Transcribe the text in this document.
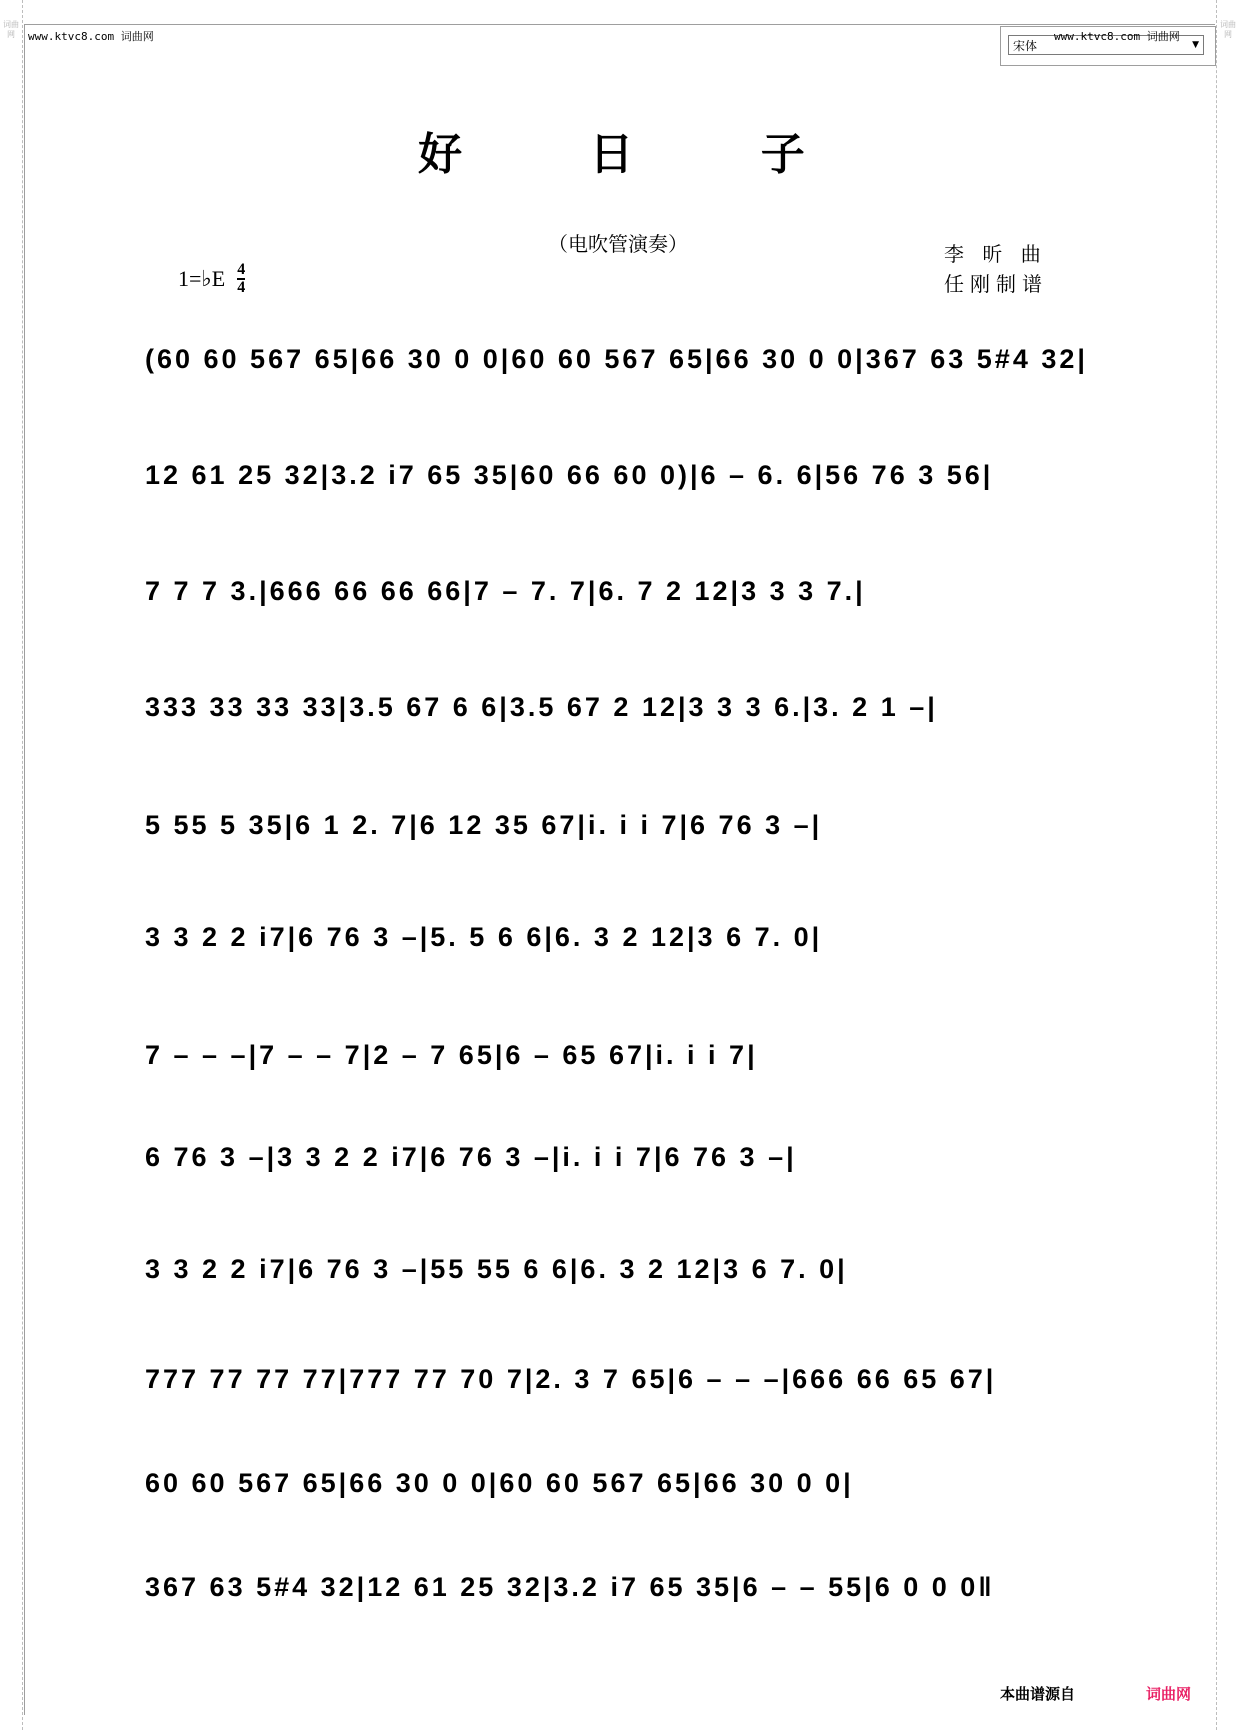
词曲网

词曲网

www.ktvc8.com 词曲网
宋体	▼
www.ktvc8.com 词曲网
好 日 子
（电吹管演奏）
1=♭E $\frac{4}{4}$
李 昕 曲
任刚制谱
(60 60 567 65|66 30 0 0|60 60 567 65|66 30 0 0|367 63 5#4 32|
12 61 25 32|3.2 i7 65 35|60 66 60 0)|6 – 6. 6|56 76 3 56|
7 7 7 3.|666 66 66 66|7 – 7. 7|6. 7 2 12|3 3 3 7.|
333 33 33 33|3.5 67 6 6|3.5 67 2 12|3 3 3 6.|3. 2 1 –|
5 55 5 35|6 1 2. 7|6 12 35 67|i. i i 7|6 76 3 –|
3 3 2 2 i7|6 76 3 –|5. 5 6 6|6. 3 2 12|3 6 7. 0|
7 – – –|7 – – 7|2 – 7 65|6 – 65 67|i. i i 7|
6 76 3 –|3 3 2 2 i7|6 76 3 –|i. i i 7|6 76 3 –|
3 3 2 2 i7|6 76 3 –|55 55 6 6|6. 3 2 12|3 6 7. 0|
777 77 77 77|777 77 70 7|2. 3 7 65|6 – – –|666 66 65 67|
60 60 567 65|66 30 0 0|60 60 567 65|66 30 0 0|
367 63 5#4 32|12 61 25 32|3.2 i7 65 35|6 – – 55|6 0 0 0‖
本曲谱源自	词曲网
